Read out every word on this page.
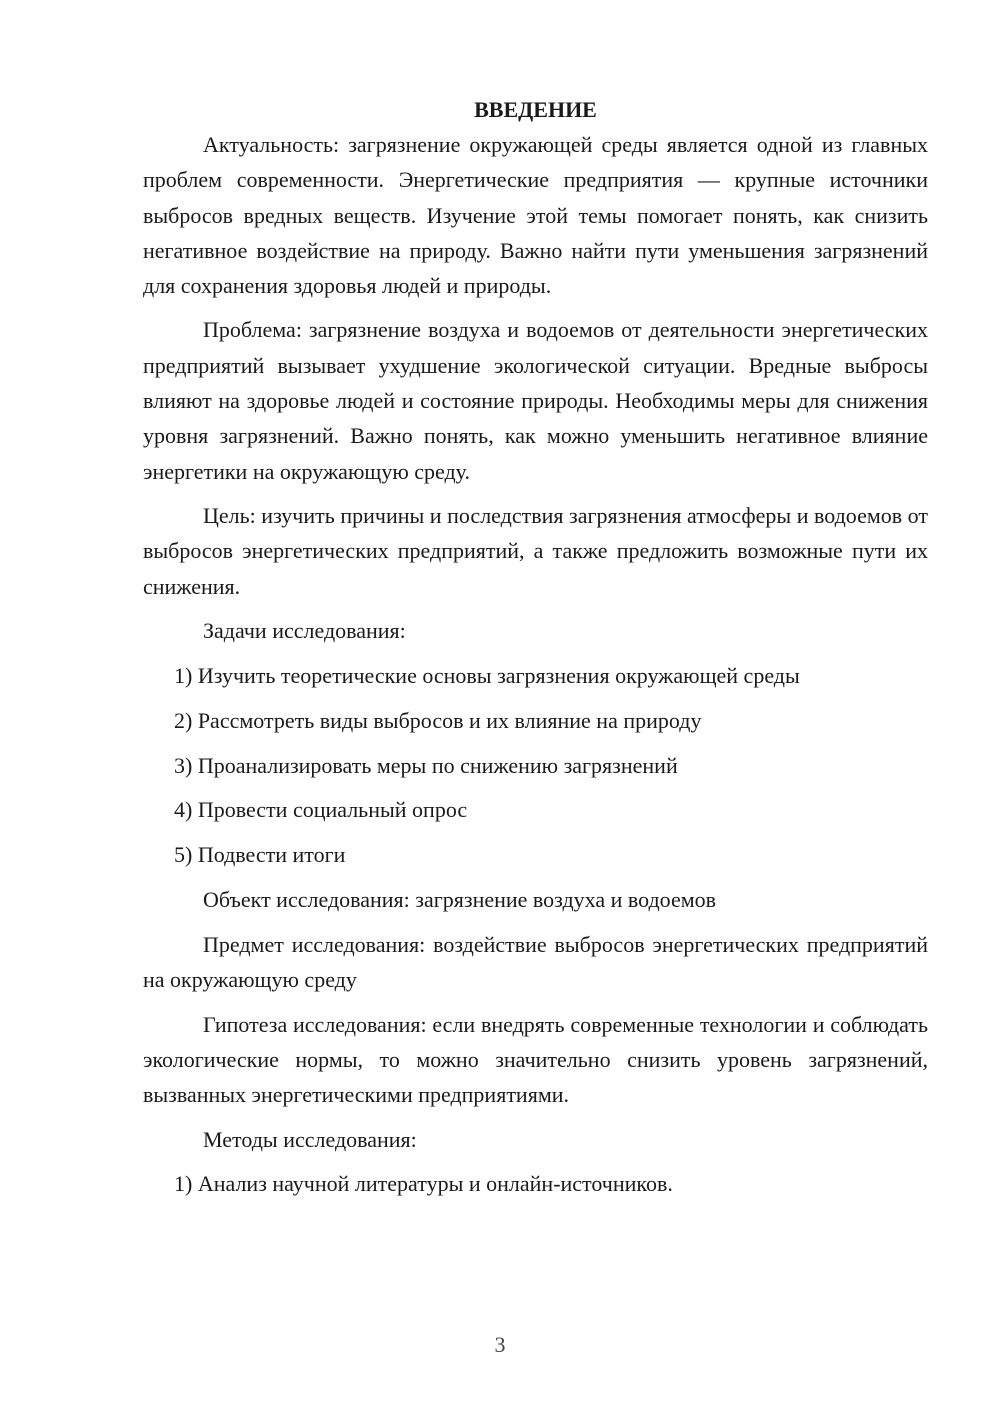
ВВЕДЕНИЕ

Актуальность: загрязнение окружающей среды является одной из главных проблем современности. Энергетические предприятия — крупные источники выбросов вредных веществ. Изучение этой темы помогает понять, как снизить негативное воздействие на природу. Важно найти пути уменьшения загрязнений для сохранения здоровья людей и природы.

Проблема: загрязнение воздуха и водоемов от деятельности энергетических предприятий вызывает ухудшение экологической ситуации. Вредные выбросы влияют на здоровье людей и состояние природы. Необходимы меры для снижения уровня загрязнений. Важно понять, как можно уменьшить негативное влияние энергетики на окружающую среду.

Цель: изучить причины и последствия загрязнения атмосферы и водоемов от выбросов энергетических предприятий, а также предложить возможные пути их снижения.

Задачи исследования:

1) Изучить теоретические основы загрязнения окружающей среды

2) Рассмотреть виды выбросов и их влияние на природу

3) Проанализировать меры по снижению загрязнений

4) Провести социальный опрос

5) Подвести итоги

Объект исследования: загрязнение воздуха и водоемов

Предмет исследования: воздействие выбросов энергетических предприятий на окружающую среду

Гипотеза исследования: если внедрять современные технологии и соблюдать экологические нормы, то можно значительно снизить уровень загрязнений, вызванных энергетическими предприятиями.

Методы исследования:

1) Анализ научной литературы и онлайн-источников.

3
